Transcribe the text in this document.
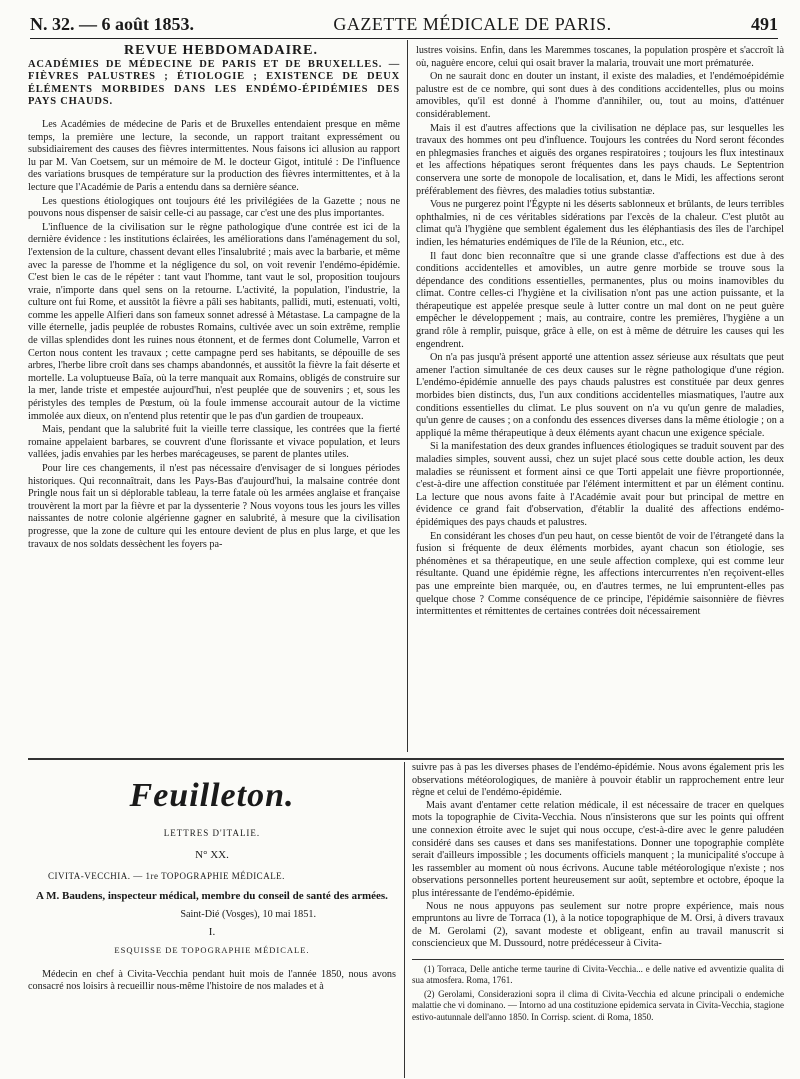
N. 32. — 6 août 1853.	GAZETTE MÉDICALE DE PARIS.	491

REVUE HEBDOMADAIRE.

ACADÉMIES DE MÉDECINE DE PARIS ET DE BRUXELLES. — FIÈVRES PALUSTRES ; ÉTIOLOGIE ; EXISTENCE DE DEUX ÉLÉMENTS MORBIDES DANS LES ENDÉMO-ÉPIDÉMIES DES PAYS CHAUDS.

Les Académies de médecine de Paris et de Bruxelles entendaient presque en même temps, la première une lecture, la seconde, un rapport traitant expressément ou subsidiairement des causes des fièvres intermittentes. Nous faisons ici allusion au rapport lu par M. Van Coetsem, sur un mémoire de M. le docteur Gigot, intitulé : De l'influence des variations brusques de température sur la production des fièvres intermittentes, et à la lecture que l'Académie de Paris a entendu dans sa dernière séance.

Les questions étiologiques ont toujours été les privilégiées de la Gazette ; nous ne pouvons nous dispenser de saisir celle-ci au passage, car c'est une des plus importantes.

L'influence de la civilisation sur le règne pathologique d'une contrée est ici de la dernière évidence : les institutions éclairées, les améliorations dans l'aménagement du sol, l'extension de la culture, chassent devant elles l'insalubrité ; mais avec la barbarie, et même avec la paresse de l'homme et la négligence du sol, on voit revenir l'endémo-épidémie. C'est bien le cas de le répéter : tant vaut l'homme, tant vaut le sol, proposition toujours vraie, n'importe dans quel sens on la retourne. L'activité, la population, l'industrie, la culture ont fui Rome, et aussitôt la fièvre a pâli ses habitants, pallidi, muti, estenuati, volti, comme les appelle Alfieri dans son fameux sonnet adressé à Métastase. La campagne de la ville éternelle, jadis peuplée de robustes Romains, cultivée avec un soin extrême, remplie de villas splendides dont les ruines nous étonnent, et de fermes dont Columelle, Varron et Certon nous content les travaux ; cette campagne perd ses habitants, se dépouille de ses arbres, l'herbe libre croît dans ses champs abandonnés, et aussitôt la fièvre la fait déserte et mortelle. La voluptueuse Baïa, où la terre manquait aux Romains, obligés de construire sur la mer, lande triste et empestée aujourd'hui, n'est peuplée que de souvenirs ; et, sous les péristyles des temples de Pœstum, où la foule immense accourait autour de la victime immolée aux dieux, on n'entend plus retentir que le pas d'un gardien de troupeaux.

Mais, pendant que la salubrité fuit la vieille terre classique, les contrées que la fierté romaine appelaient barbares, se couvrent d'une florissante et vivace population, et leurs vallées, jadis envahies par les herbes marécageuses, se parent de plantes utiles.

Pour lire ces changements, il n'est pas nécessaire d'envisager de si longues périodes historiques. Qui reconnaîtrait, dans les Pays-Bas d'aujourd'hui, la malsaine contrée dont Pringle nous fait un si déplorable tableau, la terre fatale où les armées anglaise et française trouvèrent la mort par la fièvre et par la dyssenterie ? Nous voyons tous les jours les villes naissantes de notre colonie algérienne gagner en salubrité, à mesure que la civilisation progresse, que la zone de culture qui les entoure devient de plus en plus large, et que les travaux de nos soldats dessèchent les foyers pa-

lustres voisins. Enfin, dans les Maremmes toscanes, la population prospère et s'accroît là où, naguère encore, celui qui osait braver la malaria, trouvait une mort prématurée.

On ne saurait donc en douter un instant, il existe des maladies, et l'endémoépidémie palustre est de ce nombre, qui sont dues à des conditions accidentelles, plus ou moins amovibles, qu'il est donné à l'homme d'annihiler, ou, tout au moins, d'atténuer considérablement.

Mais il est d'autres affections que la civilisation ne déplace pas, sur lesquelles les travaux des hommes ont peu d'influence. Toujours les contrées du Nord seront fécondes en phlegmasies franches et aiguës des organes respiratoires ; toujours les flux intestinaux et les affections hépatiques seront fréquentes dans les pays chauds. Le Septentrion conservera une sorte de monopole de localisation, et, dans le Midi, les affections seront préférablement des fièvres, des maladies totius substantiæ.

Vous ne purgerez point l'Égypte ni les déserts sablonneux et brûlants, de leurs terribles ophthalmies, ni de ces véritables sidérations par l'excès de la chaleur. C'est plutôt au climat qu'à l'hygiène que semblent également dus les éléphantiasis des îles de l'archipel indien, les hématuries endémiques de l'île de la Réunion, etc., etc.

Il faut donc bien reconnaître que si une grande classe d'affections est due à des conditions accidentelles et amovibles, un autre genre morbide se trouve sous la dépendance des conditions essentielles, permanentes, plus ou moins inamovibles du climat. Contre celles-ci l'hygiène et la civilisation n'ont pas une action puissante, et la thérapeutique est appelée presque seule à lutter contre un mal dont on ne peut guère empêcher le développement ; mais, au contraire, contre les premières, l'hygiène a un grand rôle à remplir, puisque, grâce à elle, on est à même de détruire les causes qui les engendrent.

On n'a pas jusqu'à présent apporté une attention assez sérieuse aux résultats que peut amener l'action simultanée de ces deux causes sur le règne pathologique d'une région. L'endémo-épidémie annuelle des pays chauds palustres est constituée par deux genres morbides bien distincts, dus, l'un aux conditions accidentelles miasmatiques, l'autre aux conditions essentielles du climat. Le plus souvent on n'a vu qu'un genre de maladies, qu'un genre de causes ; on a confondu des essences diverses dans la même étiologie ; on a appliqué la même thérapeutique à deux éléments ayant chacun une exigence spéciale.

Si la manifestation des deux grandes influences étiologiques se traduit souvent par des maladies simples, souvent aussi, chez un sujet placé sous cette double action, les deux maladies se réunissent et forment ainsi ce que Torti appelait une fièvre proportionnée, c'est-à-dire une affection constituée par l'élément intermittent et par un élément continu. La lecture que nous avons faite à l'Académie avait pour but principal de mettre en évidence ce grand fait d'observation, d'établir la dualité des affections endémo-épidémiques des pays chauds et palustres.

En considérant les choses d'un peu haut, on cesse bientôt de voir de l'étrangeté dans la fusion si fréquente de deux éléments morbides, ayant chacun son étiologie, ses phénomènes et sa thérapeutique, en une seule affection complexe, qui est comme leur résultante. Quand une épidémie règne, les affections intercurrentes n'en reçoivent-elles pas une empreinte bien marquée, ou, en d'autres termes, ne lui empruntent-elles pas quelque chose ? Comme conséquence de ce principe, l'épidémie saisonnière de fièvres intermittentes et rémittentes de certaines contrées doit nécessairement

Feuilleton.
LETTRES D'ITALIE.
N° XX.
CIVITA-VECCHIA. — 1re TOPOGRAPHIE MÉDICALE.
A M. Baudens, inspecteur médical, membre du conseil de santé des armées.
Saint-Dié (Vosges), 10 mai 1851.
I.
ESQUISSE DE TOPOGRAPHIE MÉDICALE.
Médecin en chef à Civita-Vecchia pendant huit mois de l'année 1850, nous avons consacré nos loisirs à recueillir nous-même l'histoire de nos malades et à

suivre pas à pas les diverses phases de l'endémo-épidémie. Nous avons également pris les observations météorologiques, de manière à pouvoir établir un rapprochement entre leur règne et celui de l'endémo-épidémie.

Mais avant d'entamer cette relation médicale, il est nécessaire de tracer en quelques mots la topographie de Civita-Vecchia. Nous n'insisterons que sur les points qui offrent une connexion étroite avec le sujet qui nous occupe, c'est-à-dire avec le genre paludéen considéré dans ses causes et dans ses manifestations. Donner une topographie complète serait d'ailleurs impossible ; les documents officiels manquent ; la municipalité s'occupe à les rassembler au moment où nous écrivons. Aucune table météorologique n'existe ; nos observations personnelles portent heureusement sur août, septembre et octobre, époque la plus intéressante de l'endémo-épidémie.

Nous ne nous appuyons pas seulement sur notre propre expérience, mais nous empruntons au livre de Torraca (1), à la notice topographique de M. Orsi, à divers travaux de M. Gerolami (2), savant modeste et obligeant, enfin au travail manuscrit si consciencieux que M. Dussourd, notre prédécesseur à Civita-

(1) Torraca, Delle antiche terme taurine di Civita-Vecchia... e delle native ed avventizie qualita di sua atmosfera. Roma, 1761.

(2) Gerolami, Considerazioni sopra il clima di Civita-Vecchia ed alcune principali o endemiche malattie che vi dominano. — Intorno ad una costituzione epidemica servata in Civita-Vecchia, stagione estivo-autunnale dell'anno 1850. In Corrisp. scient. di Roma, 1850.
